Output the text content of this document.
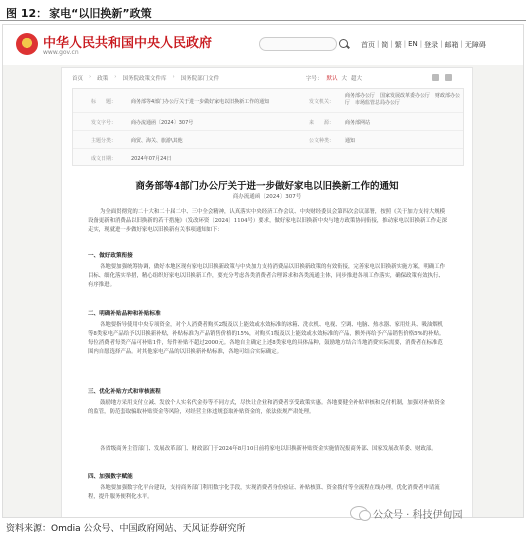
图 12： 家电“以旧换新”政策
中华人民共和国中央人民政府
www.gov.cn
首页 | 简 | 繁 | EN | 登录 | 邮箱 | 无障碍
首页 › 政策 › 国务院政策文件库 › 国务院部门文件	字号： 默认 大 超大
标　　题：	商务部等4部门办公厅关于进一步做好家电以旧换新工作的通知	发文机关：
商务部办公厅　国家发展改革委办公厅　财政部办公厅　市场监管总局办公厅
发文字号：	商办流通函〔2024〕307号	来　　源： 商务部网站
主题分类：	商贸、海关、旅游\其他	公文种类： 通知
成文日期：	2024年07月24日
商务部等4部门办公厅关于进一步做好家电以旧换新工作的通知
商办流通函〔2024〕307号
为全面贯彻党的二十大和二十届二中、三中全会精神，认真落实中央经济工作会议、中央财经委员会第四次会议部署，按照《关于加力支持大规模设备更新和消费品以旧换新的若干措施》（发改环资〔2024〕1104号）要求，做好家电以旧换新中央与地方政策协同衔接，推动家电以旧换新工作走深走实，现就进一步做好家电以旧换新有关事项通知如下：
一、做好政策衔接
各地要加强统筹协调，做好本地区现有家电以旧换新政策与中央加力支持消费品以旧换新政策的有效衔接，完善家电以旧换新实施方案，明确工作目标、细化落实举措，精心组织好家电以旧换新工作，要充分考虑各类消费者合理诉求和各类流通主体，同步推进各项工作落实，确保政策有效执行、有序推进。
二、明确补贴品种和补贴标准
各地要指导使用中央专项资金，对个人消费者购买2级及以上能效或水效标准的冰箱、洗衣机、电视、空调、电脑、热水器、家用灶具、吸油烟机等8类家电产品给予以旧换新补贴，补贴标准为产品销售价格的15%，对购买1级及以上能效或水效标准的产品，额外再给予产品销售价格5%的补贴。每位消费者每类产品可补贴1件，每件补贴不超过2000元。各地自主确定上述8类家电的具体品种，鼓励地方结合当地消费实际需要，消费者在标准范围内自愿选择产品。对其他家电产品的以旧换新补贴标准，各地可结合实际确定。
三、优化补贴方式和审核流程
鼓励地方采用支付立减、发放个人实名代金券等不同方式，尽快让企业和消费者享受政策实惠。各地要健全补贴审核和兑付机制，加强对补贴资金的监管，防范套取骗取补贴资金等风险，对经营主体违规套取补贴资金的，依法依规严肃处理。
各省级商务主管部门、发展改革部门、财政部门于2024年8月10日前将家电以旧换新补贴资金实施情况报商务部、国家发展改革委、财政部。
四、加强数字赋能
各地要加强数字化平台建设，支持商务部门利用数字化手段，实现消费者身份验证、补贴核算、资金拨付等全流程在线办理，优化消费者申请流程，提升服务便利化水平。
公众号 · 科技伊甸园
资料来源：Omdia 公众号、中国政府网站、天风证券研究所
